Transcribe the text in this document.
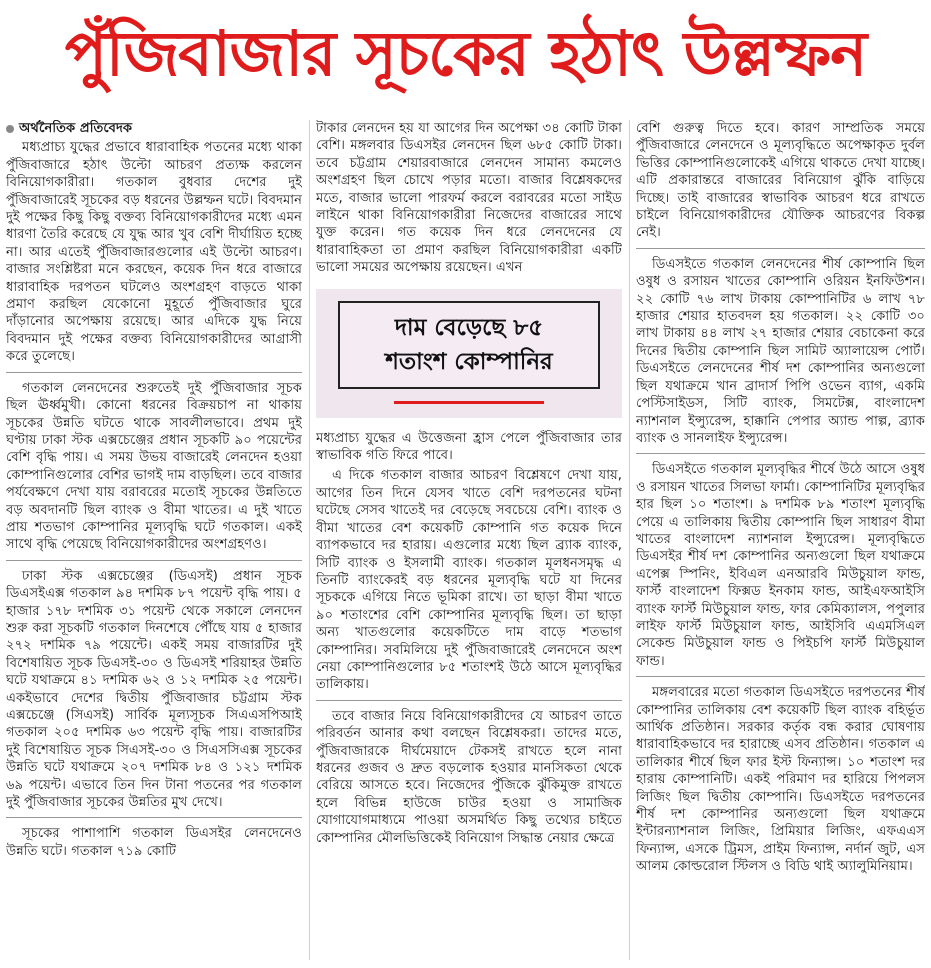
পুঁজিবাজার সূচকের হঠাৎ উল্লম্ফন
অর্থনৈতিক প্রতিবেদক

মধ্যপ্রাচ্য যুদ্ধের প্রভাবে ধারাবাহিক পতনের মধ্যে থাকা পুঁজিবাজারে হঠাৎ উল্টো আচরণ প্রত্যক্ষ করলেন বিনিয়োগকারীরা। গতকাল বুধবার দেশের দুই পুঁজিবাজারেই সূচকের বড় ধরনের উল্লম্ফন ঘটে। বিবদমান দুই পক্ষের কিছু কিছু বক্তব্য বিনিয়োগকারীদের মধ্যে এমন ধারণা তৈরি করেছে যে যুদ্ধ আর খুব বেশি দীর্ঘায়িত হচ্ছে না। আর এতেই পুঁজিবাজারগুলোর এই উল্টো আচরণ। বাজার সংশ্লিষ্টরা মনে করছেন, কয়েক দিন ধরে বাজারে ধারাবাহিক দরপতন ঘটলেও অংশগ্রহণ বাড়তে থাকা প্রমাণ করছিল যেকোনো মুহূর্তে পুঁজিবাজার ঘুরে দাঁড়ানোর অপেক্ষায় রয়েছে। আর এদিকে যুদ্ধ নিয়ে বিবদমান দুই পক্ষের বক্তব্য বিনিয়োগকারীদের আগ্রাসী করে তুলেছে।

গতকাল লেনদেনের শুরুতেই দুই পুঁজিবাজার সূচক ছিল ঊর্ধ্বমুখী। কোনো ধরনের বিক্রয়চাপ না থাকায় সূচকের উন্নতি ঘটতে থাকে সাবলীলভাবে। প্রথম দুই ঘণ্টায় ঢাকা স্টক এক্সচেঞ্জের প্রধান সূচকটি ৯০ পয়েন্টের বেশি বৃদ্ধি পায়। এ সময় উভয় বাজারেই লেনদেন হওয়া কোম্পানিগুলোর বেশির ভাগই দাম বাড়ছিল। তবে বাজার পর্যবেক্ষণে দেখা যায় বরাবরের মতোই সূচকের উন্নতিতে বড় অবদানটি ছিল ব্যাংক ও বীমা খাতের। এ দুই খাতে প্রায় শতভাগ কোম্পানির মূল্যবৃদ্ধি ঘটে গতকাল। একই সাথে বৃদ্ধি পেয়েছে বিনিয়োগকারীদের অংশগ্রহণও।

ঢাকা স্টক এক্সচেঞ্জের (ডিএসই) প্রধান সূচক ডিএসইএক্স গতকাল ৯৪ দশমিক ৮৭ পয়েন্ট বৃদ্ধি পায়। ৫ হাজার ১৭৮ দশমিক ৩১ পয়েন্ট থেকে সকালে লেনদেন শুরু করা সূচকটি গতকাল দিনশেষে পৌঁছে যায় ৫ হাজার ২৭২ দশমিক ৭৯ পয়েন্টে। একই সময় বাজারটির দুই বিশেষায়িত সূচক ডিএসই-৩০ ও ডিএসই শরিয়াহর উন্নতি ঘটে যথাক্রমে ৪১ দশমিক ৬২ ও ১২ দশমিক ২৫ পয়েন্ট। একইভাবে দেশের দ্বিতীয় পুঁজিবাজার চট্টগ্রাম স্টক এক্সচেঞ্জে (সিএসই) সার্বিক মূল্যসূচক সিএএসপিআই গতকাল ২০৫ দশমিক ৬৩ পয়েন্ট বৃদ্ধি পায়। বাজারটির দুই বিশেষায়িত সূচক সিএসই-৩০ ও সিএসসিএক্স সূচকের উন্নতি ঘটে যথাক্রমে ২০৭ দশমিক ৮৪ ও ১২১ দশমিক ৬৯ পয়েন্ট। এভাবে তিন দিন টানা পতনের পর গতকাল দুই পুঁজিবাজার সূচকের উন্নতির মুখ দেখে।

সূচকের পাশাপাশি গতকাল ডিএসইর লেনদেনেও উন্নতি ঘটে। গতকাল ৭১৯ কোটি

টাকার লেনদেন হয় যা আগের দিন অপেক্ষা ৩৪ কোটি টাকা বেশি। মঙ্গলবার ডিএসইর লেনদেন ছিল ৬৮৫ কোটি টাকা। তবে চট্টগ্রাম শেয়ারবাজারে লেনদেন সামান্য কমলেও অংশগ্রহণ ছিল চোখে পড়ার মতো। বাজার বিশ্লেষকদের মতে, বাজার ভালো পারফর্ম করলে বরাবরের মতো সাইড লাইনে থাকা বিনিয়োগকারীরা নিজেদের বাজারের সাথে যুক্ত করেন। গত কয়েক দিন ধরে লেনদেনের যে ধারাবাহিকতা তা প্রমাণ করছিল বিনিয়োগকারীরা একটি ভালো সময়ের অপেক্ষায় রয়েছেন। এখন

দাম বেড়েছে ৮৫
শতাংশ কোম্পানির

মধ্যপ্রাচ্য যুদ্ধের এ উত্তেজনা হ্রাস পেলে পুঁজিবাজার তার স্বাভাবিক গতি ফিরে পাবে।

এ দিকে গতকাল বাজার আচরণ বিশ্লেষণে দেখা যায়, আগের তিন দিনে যেসব খাতে বেশি দরপতনের ঘটনা ঘটেছে সেসব খাতেই দর বেড়েছে সবচেয়ে বেশি। ব্যাংক ও বীমা খাতের বেশ কয়েকটি কোম্পানি গত কয়েক দিনে ব্যাপকভাবে দর হারায়। এগুলোর মধ্যে ছিল ব্র্যাক ব্যাংক, সিটি ব্যাংক ও ইসলামী ব্যাংক। গতকাল মূলধনসমৃদ্ধ এ তিনটি ব্যাংকেরই বড় ধরনের মূল্যবৃদ্ধি ঘটে যা দিনের সূচককে এগিয়ে নিতে ভূমিকা রাখে। তা ছাড়া বীমা খাতে ৯০ শতাংশের বেশি কোম্পানির মূল্যবৃদ্ধি ছিল। তা ছাড়া অন্য খাতগুলোর কয়েকটিতে দাম বাড়ে শতভাগ কোম্পানির। সবমিলিয়ে দুই পুঁজিবাজারেই লেনদেনে অংশ নেয়া কোম্পানিগুলোর ৮৫ শতাংশই উঠে আসে মূল্যবৃদ্ধির তালিকায়।

তবে বাজার নিয়ে বিনিয়োগকারীদের যে আচরণ তাতে পরিবর্তন আনার কথা বলছেন বিশ্লেষকরা। তাদের মতে, পুঁজিবাজারকে দীর্ঘমেয়াদে টেকসই রাখতে হলে নানা ধরনের গুজব ও দ্রুত বড়লোক হওয়ার মানসিকতা থেকে বেরিয়ে আসতে হবে। নিজেদের পুঁজিকে ঝুঁকিমুক্ত রাখতে হলে বিভিন্ন হাউজে চাউর হওয়া ও সামাজিক যোগাযোগমাধ্যমে পাওয়া অসমর্থিত কিছু তথ্যের চাইতে কোম্পানির মৌলভিত্তিকেই বিনিয়োগ সিদ্ধান্ত নেয়ার ক্ষেত্রে

বেশি গুরুত্ব দিতে হবে। কারণ সাম্প্রতিক সময়ে পুঁজিবাজারে লেনদেনে ও মূল্যবৃদ্ধিতে অপেক্ষাকৃত দুর্বল ভিত্তির কোম্পানিগুলোকেই এগিয়ে থাকতে দেখা যাচ্ছে। এটি প্রকারান্তরে বাজারের বিনিয়োগ ঝুঁকি বাড়িয়ে দিচ্ছে। তাই বাজারের স্বাভাবিক আচরণ ধরে রাখতে চাইলে বিনিয়োগকারীদের যৌক্তিক আচরণের বিকল্প নেই।

ডিএসইতে গতকাল লেনদেনের শীর্ষ কোম্পানি ছিল ওষুধ ও রসায়ন খাতের কোম্পানি ওরিয়ন ইনফিউশন। ২২ কোটি ৭৬ লাখ টাকায় কোম্পানিটির ৬ লাখ ৭৮ হাজার শেয়ার হাতবদল হয় গতকাল। ২২ কোটি ৩০ লাখ টাকায় ৪৪ লাখ ২৭ হাজার শেয়ার বেচাকেনা করে দিনের দ্বিতীয় কোম্পানি ছিল সামিট অ্যালায়েন্স পোর্ট। ডিএসইতে লেনদেনের শীর্ষ দশ কোম্পানির অন্যগুলো ছিল যথাক্রমে খান ব্রাদার্স পিপি ওভেন ব্যাগ, একমি পেস্টিসাইডস, সিটি ব্যাংক, সিমটেক্স, বাংলাদেশ ন্যাশনাল ইন্স্যুরেন্স, হাক্কানি পেপার অ্যান্ড পাল্প, ব্র্যাক ব্যাংক ও সানলাইফ ইন্স্যুরেন্স।

ডিএসইতে গতকাল মূল্যবৃদ্ধির শীর্ষে উঠে আসে ওষুধ ও রসায়ন খাতের সিলভা ফার্মা। কোম্পানিটির মূল্যবৃদ্ধির হার ছিল ১০ শতাংশ। ৯ দশমিক ৮৯ শতাংশ মূল্যবৃদ্ধি পেয়ে এ তালিকায় দ্বিতীয় কোম্পানি ছিল সাধারণ বীমা খাতের বাংলাদেশ ন্যাশনাল ইন্স্যুরেন্স। মূল্যবৃদ্ধিতে ডিএসইর শীর্ষ দশ কোম্পানির অন্যগুলো ছিল যথাক্রমে এপেক্স স্পিনিং, ইবিএল এনআরবি মিউচুয়াল ফান্ড, ফার্স্ট বাংলাদেশ ফিক্সড ইনকাম ফান্ড, আইএফআইসি ব্যাংক ফার্স্ট মিউচুয়াল ফান্ড, ফার কেমিক্যালস, পপুলার লাইফ ফার্স্ট মিউচুয়াল ফান্ড, আইসিবি এএমসিএল সেকেন্ড মিউচুয়াল ফান্ড ও পিইচপি ফার্স্ট মিউচুয়াল ফান্ড।

মঙ্গলবারের মতো গতকাল ডিএসইতে দরপতনের শীর্ষ কোম্পানির তালিকায় বেশ কয়েকটি ছিল ব্যাংক বহির্ভূত আর্থিক প্রতিষ্ঠান। সরকার কর্তৃক বন্ধ করার ঘোষণায় ধারাবাহিকভাবে দর হারাচ্ছে এসব প্রতিষ্ঠান। গতকাল এ তালিকার শীর্ষে ছিল ফার ইস্ট ফিন্যান্স। ১০ শতাংশ দর হারায় কোম্পানিটি। একই পরিমাণ দর হারিয়ে পিপলস লিজিং ছিল দ্বিতীয় কোম্পানি। ডিএসইতে দরপতনের শীর্ষ দশ কোম্পানির অন্যগুলো ছিল যথাক্রমে ইন্টারন্যাশনাল লিজিং, প্রিমিয়ার লিজিং, এফএএস ফিন্যান্স, এসকে ট্রিমস, প্রাইম ফিন্যান্স, নর্দার্ন জুট, এস আলম কোল্ডরোল স্টিলস ও বিডি থাই অ্যালুমিনিয়াম।
